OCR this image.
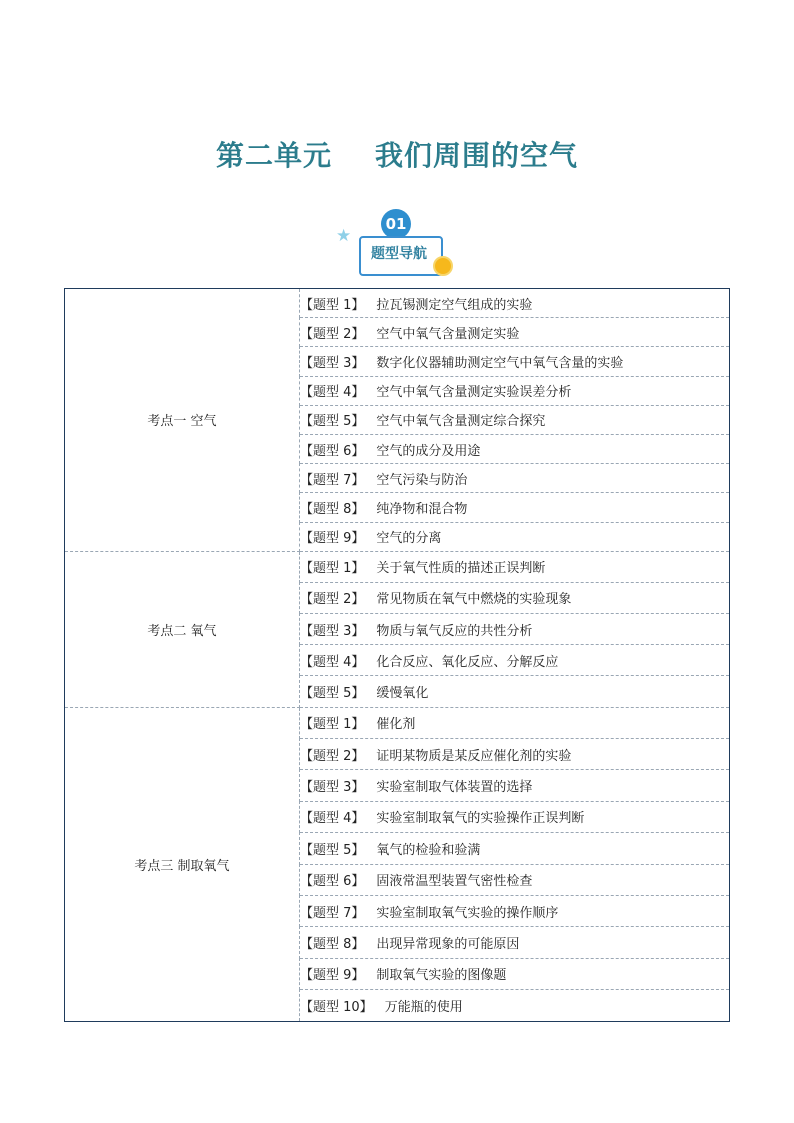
第二单元    我们周围的空气
★
01
题型导航
考点一 空气	【题型 1】 拉瓦锡测定空气组成的实验
	【题型 2】 空气中氧气含量测定实验
	【题型 3】 数字化仪器辅助测定空气中氧气含量的实验
	【题型 4】 空气中氧气含量测定实验误差分析
	【题型 5】 空气中氧气含量测定综合探究
	【题型 6】 空气的成分及用途
	【题型 7】 空气污染与防治
	【题型 8】 纯净物和混合物
	【题型 9】 空气的分离
考点二 氧气	【题型 1】 关于氧气性质的描述正误判断
	【题型 2】 常见物质在氧气中燃烧的实验现象
	【题型 3】 物质与氧气反应的共性分析
	【题型 4】 化合反应、氧化反应、分解反应
	【题型 5】 缓慢氧化
考点三 制取氧气	【题型 1】 催化剂
	【题型 2】 证明某物质是某反应催化剂的实验
	【题型 3】 实验室制取气体装置的选择
	【题型 4】 实验室制取氧气的实验操作正误判断
	【题型 5】 氧气的检验和验满
	【题型 6】 固液常温型装置气密性检查
	【题型 7】 实验室制取氧气实验的操作顺序
	【题型 8】 出现异常现象的可能原因
	【题型 9】 制取氧气实验的图像题
	【题型 10】 万能瓶的使用
